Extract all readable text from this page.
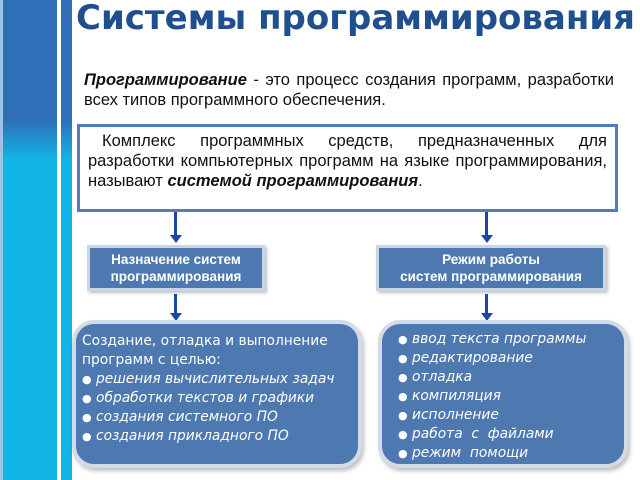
Системы программирования

Программирование - это процесс создания программ, разработки всех типов программного обеспечения.

Комплекс программных средств, предназначенных для разработки компьютерных программ на языке программирования, называют системой программирования.

Назначение систем
программирования
Режим работы
систем программирования
Создание, отладка и выполнение
программ с целью:
● решения вычислительных задач
● обработки текстов и графики
● создания системного ПО
● создания прикладного ПО
● ввод текста программы
● редактирование
● отладка
● компиляция
● исполнение
● работа  с  файлами
● режим  помощи
